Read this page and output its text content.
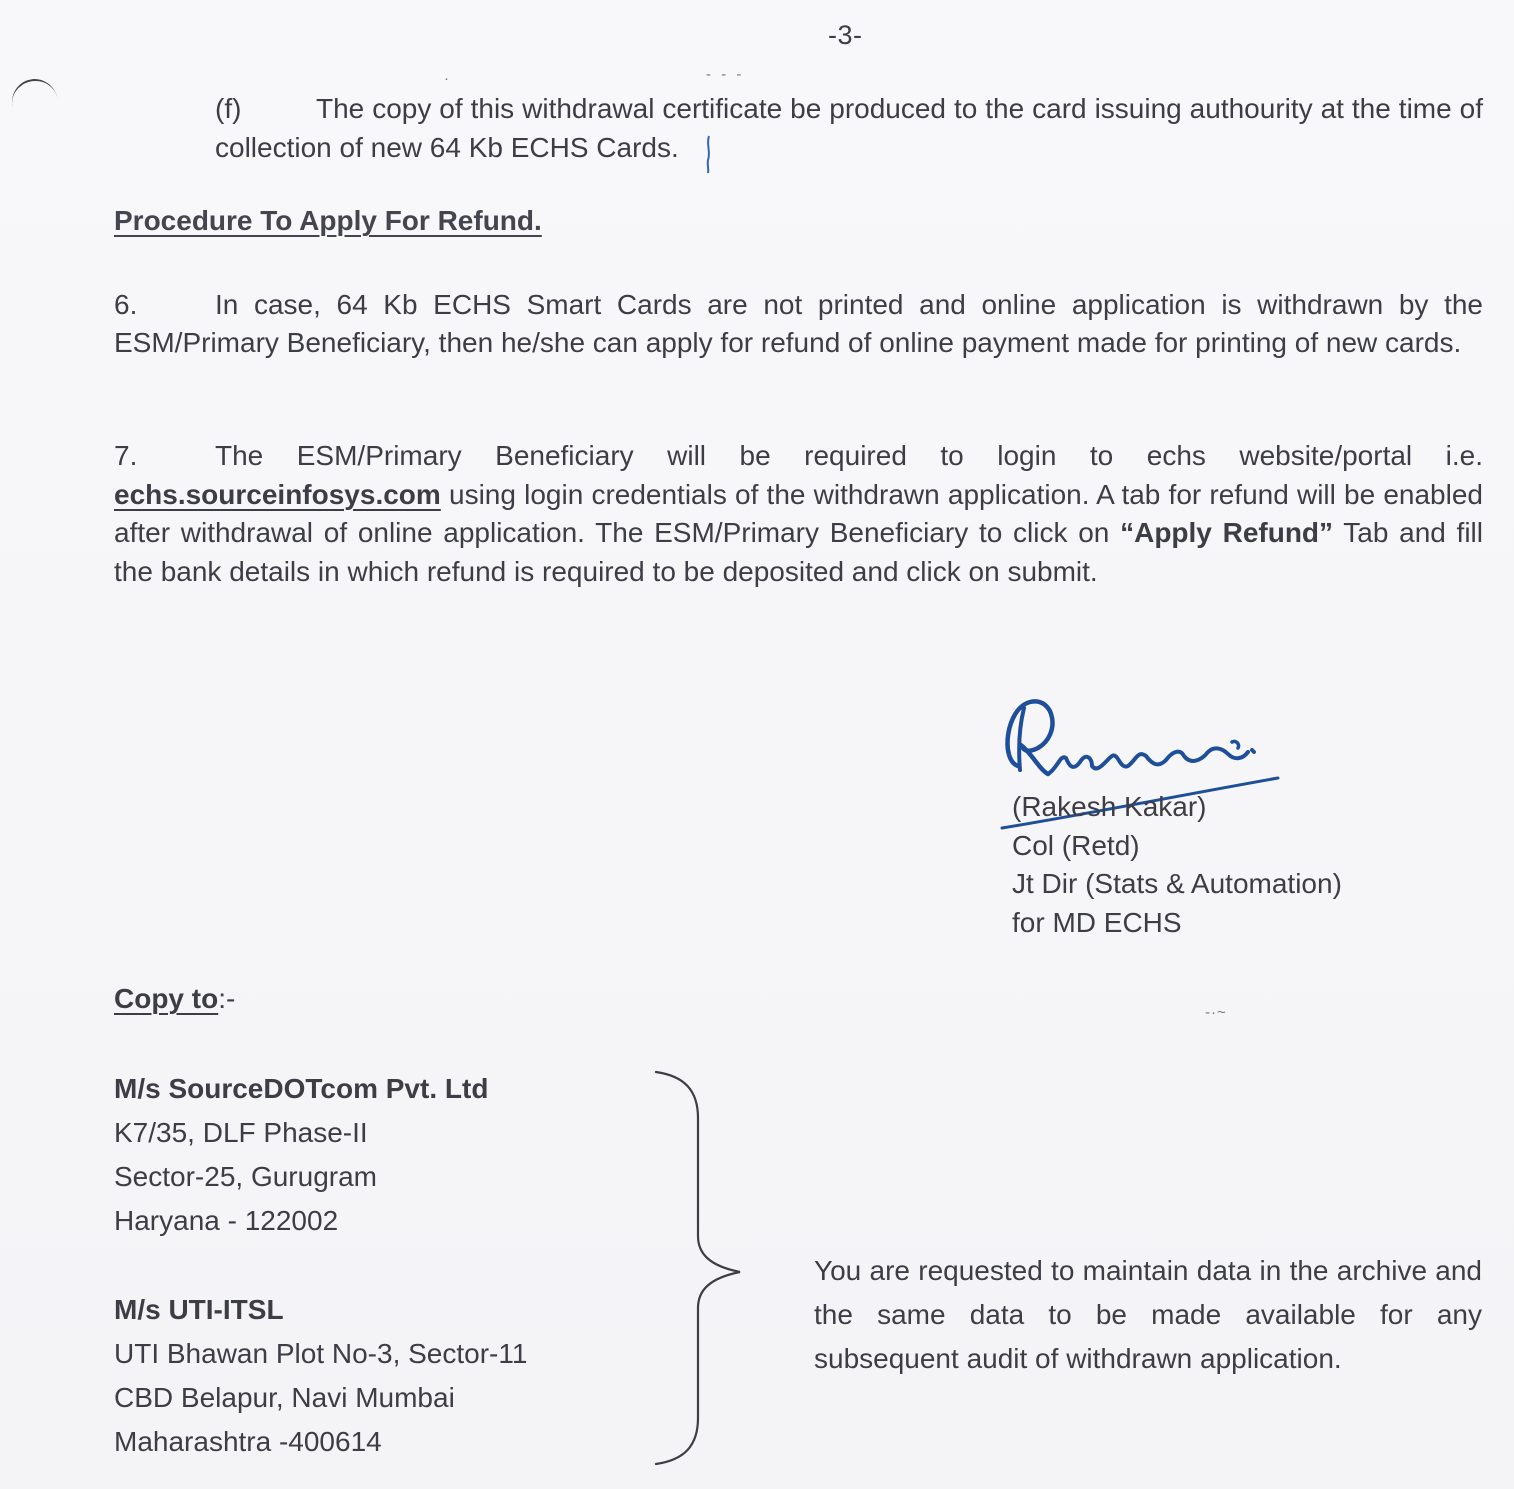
·	- - -
-·~
-3-

(f)	The copy of this withdrawal certificate be produced to the card issuing authourity at the time of collection of new 64 Kb ECHS Cards.

Procedure To Apply For Refund.

6.	In case, 64 Kb ECHS Smart Cards are not printed and online application is withdrawn by the ESM/Primary Beneficiary, then he/she can apply for refund of online payment made for printing of new cards.

7.	The ESM/Primary Beneficiary will be required to login to echs website/portal i.e. echs.sourceinfosys.com using login credentials of the withdrawn application. A tab for refund will be enabled after withdrawal of online application. The ESM/Primary Beneficiary to click on “Apply Refund” Tab and fill the bank details in which refund is required to be deposited and click on submit.

(Rakesh Kakar)
Col (Retd)
Jt Dir (Stats & Automation)
for MD ECHS

Copy to:-

M/s SourceDOTcom Pvt. Ltd
K7/35, DLF Phase-II
Sector-25, Gurugram
Haryana - 122002
M/s UTI-ITSL
UTI Bhawan Plot No-3, Sector-11
CBD Belapur, Navi Mumbai
Maharashtra -400614
You are requested to maintain data in the archive and the same data to be made available for any subsequent audit of withdrawn application.
